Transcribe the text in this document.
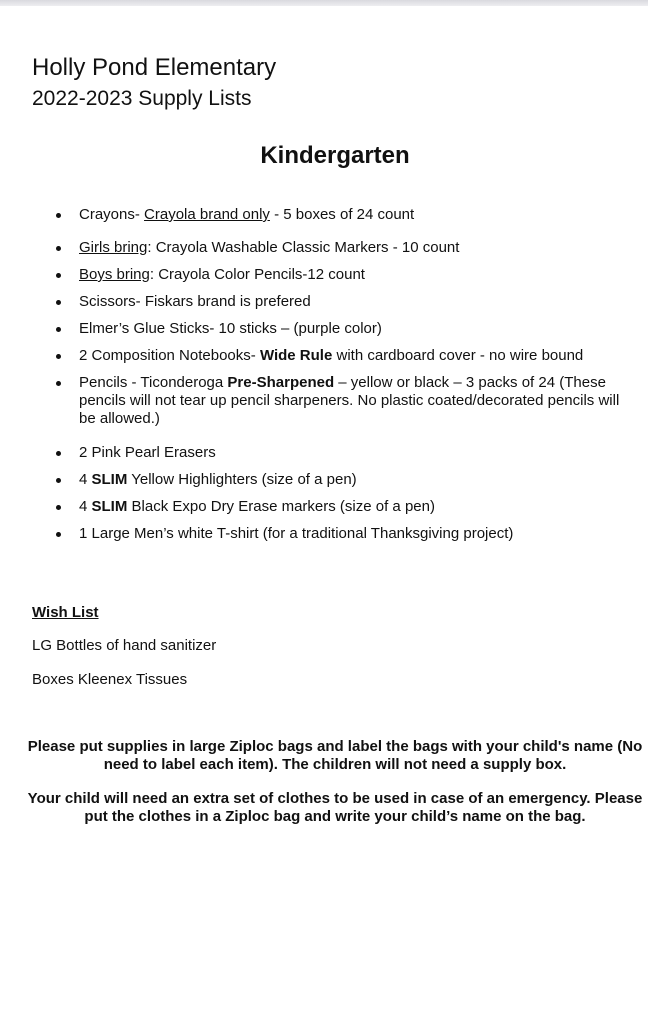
Holly Pond Elementary
2022-2023 Supply Lists
Kindergarten
Crayons- Crayola brand only - 5 boxes of 24 count
Girls bring: Crayola Washable Classic Markers - 10 count
Boys bring: Crayola Color Pencils-12 count
Scissors- Fiskars brand is prefered
Elmer’s Glue Sticks- 10 sticks – (purple color)
2 Composition Notebooks- Wide Rule with cardboard cover - no wire bound
Pencils - Ticonderoga Pre-Sharpened – yellow or black – 3 packs of 24 (These pencils will not tear up pencil sharpeners. No plastic coated/decorated pencils will be allowed.)
2 Pink Pearl Erasers
4 SLIM Yellow Highlighters (size of a pen)
4 SLIM Black Expo Dry Erase markers (size of a pen)
1 Large Men’s white T-shirt (for a traditional Thanksgiving project)

Wish List

LG Bottles of hand sanitizer

Boxes Kleenex Tissues

Please put supplies in large Ziploc bags and label the bags with your child's name (No need to label each item). The children will not need a supply box.

Your child will need an extra set of clothes to be used in case of an emergency. Please put the clothes in a Ziploc bag and write your child’s name on the bag.
